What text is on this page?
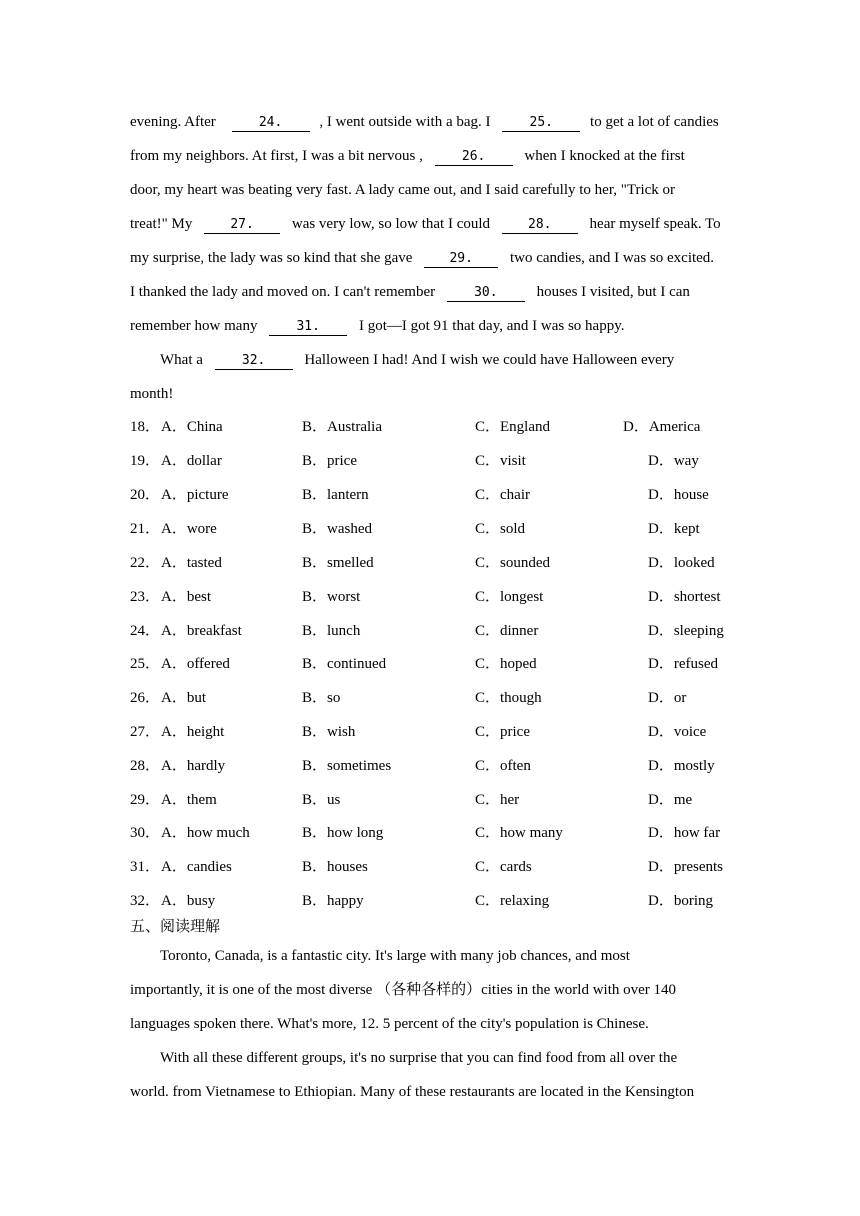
evening. After	24. , I went outside with a bag. I	25. to get a lot of candies
from my neighbors. At first, I was a bit nervous ,	26.	when I knocked at the first
door, my heart was beating very fast. A lady came out, and I said carefully to her, "Trick or
treat!" My	27.	was very low, so low that I could	28.	hear myself speak. To
my surprise, the lady was so kind that she gave	29. two candies, and I was so excited.
I thanked the lady and moved on. I can't remember	30.	houses I visited, but I can
remember how many	31.	I got—I got 91 that day, and I was so happy.
What a	32.	Halloween I had! And I wish we could have Halloween every
month!
18． A．China	B．Australia	C．England	D．America
19． A．dollar	B．price	C．visit	D．way
20． A．picture	B．lantern	C．chair	D．house
21． A．wore	B．washed	C．sold	D．kept
22． A．tasted	B．smelled	C．sounded	D．looked
23． A．best	B．worst	C．longest	D．shortest
24． A．breakfast	B．lunch	C．dinner	D．sleeping
25． A．offered	B．continued	C．hoped	D．refused
26． A．but	B．so	C．though	D．or
27． A．height	B．wish	C．price	D．voice
28． A．hardly	B．sometimes	C．often	D．mostly
29． A．them	B．us	C．her	D．me
30． A．how much	B．how long	C．how many	D．how far
31． A．candies	B．houses	C．cards	D．presents
32． A．busy	B．happy	C．relaxing	D．boring
五、阅读理解
Toronto, Canada, is a fantastic city. It's large with many job chances, and most
importantly, it is one of the most diverse （各种各样的）cities in the world with over 140
languages spoken there. What's more, 12. 5 percent of the city's population is Chinese.
With all these different groups, it's no surprise that you can find food from all over the
world. from Vietnamese to Ethiopian. Many of these restaurants are located in the Kensington
